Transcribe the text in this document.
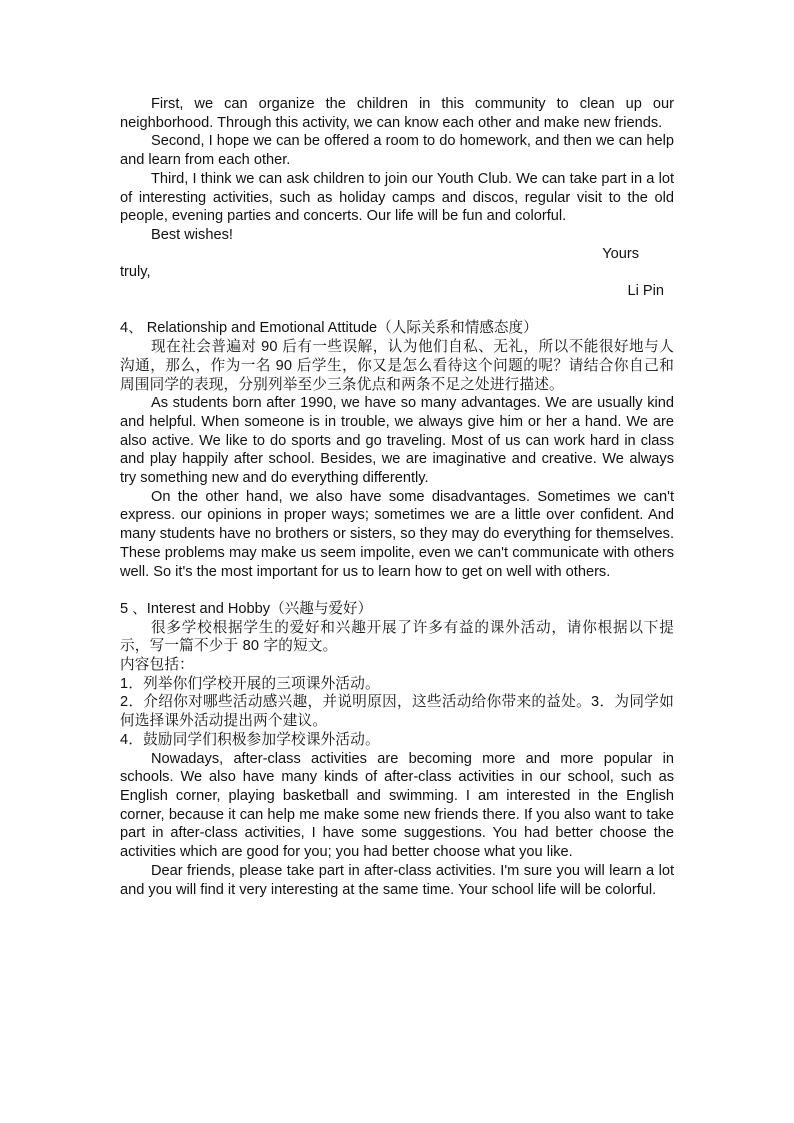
First, we can organize the children in this community to clean up our neighborhood. Through this activity, we can know each other and make new friends.

Second, I hope we can be offered a room to do homework, and then we can help and learn from each other.

Third, I think we can ask children to join our Youth Club. We can take part in a lot of interesting activities, such as holiday camps and discos, regular visit to the old people, evening parties and concerts. Our life will be fun and colorful.

Best wishes!

Yours

truly,

Li Pin

4、 Relationship and Emotional Attitude（人际关系和情感态度）

现在社会普遍对 90 后有一些误解，认为他们自私、无礼，所以不能很好地与人沟通，那么，作为一名 90 后学生，你又是怎么看待这个问题的呢？请结合你自己和周围同学的表现，分别列举至少三条优点和两条不足之处进行描述。

As students born after 1990, we have so many advantages. We are usually kind and helpful. When someone is in trouble, we always give him or her a hand. We are also active. We like to do sports and go traveling. Most of us can work hard in class and play happily after school. Besides, we are imaginative and creative. We always try something new and do everything differently.

On the other hand, we also have some disadvantages. Sometimes we can't express. our opinions in proper ways; sometimes we are a little over confident. And many students have no brothers or sisters, so they may do everything for themselves. These problems may make us seem impolite, even we can't communicate with others well. So it's the most important for us to learn how to get on well with others.

5 、Interest and Hobby（兴趣与爱好）

很多学校根据学生的爱好和兴趣开展了许多有益的课外活动，请你根据以下提示，写一篇不少于 80 字的短文。

内容包括：

1．列举你们学校开展的三项课外活动。

2．介绍你对哪些活动感兴趣，并说明原因，这些活动给你带来的益处。3．为同学如何选择课外活动提出两个建议。

4．鼓励同学们积极参加学校课外活动。

Nowadays, after-class activities are becoming more and more popular in schools. We also have many kinds of after-class activities in our school, such as English corner, playing basketball and swimming. I am interested in the English corner, because it can help me make some new friends there. If you also want to take part in after-class activities, I have some suggestions. You had better choose the activities which are good for you; you had better choose what you like.

Dear friends, please take part in after-class activities. I'm sure you will learn a lot and you will find it very interesting at the same time. Your school life will be colorful.
